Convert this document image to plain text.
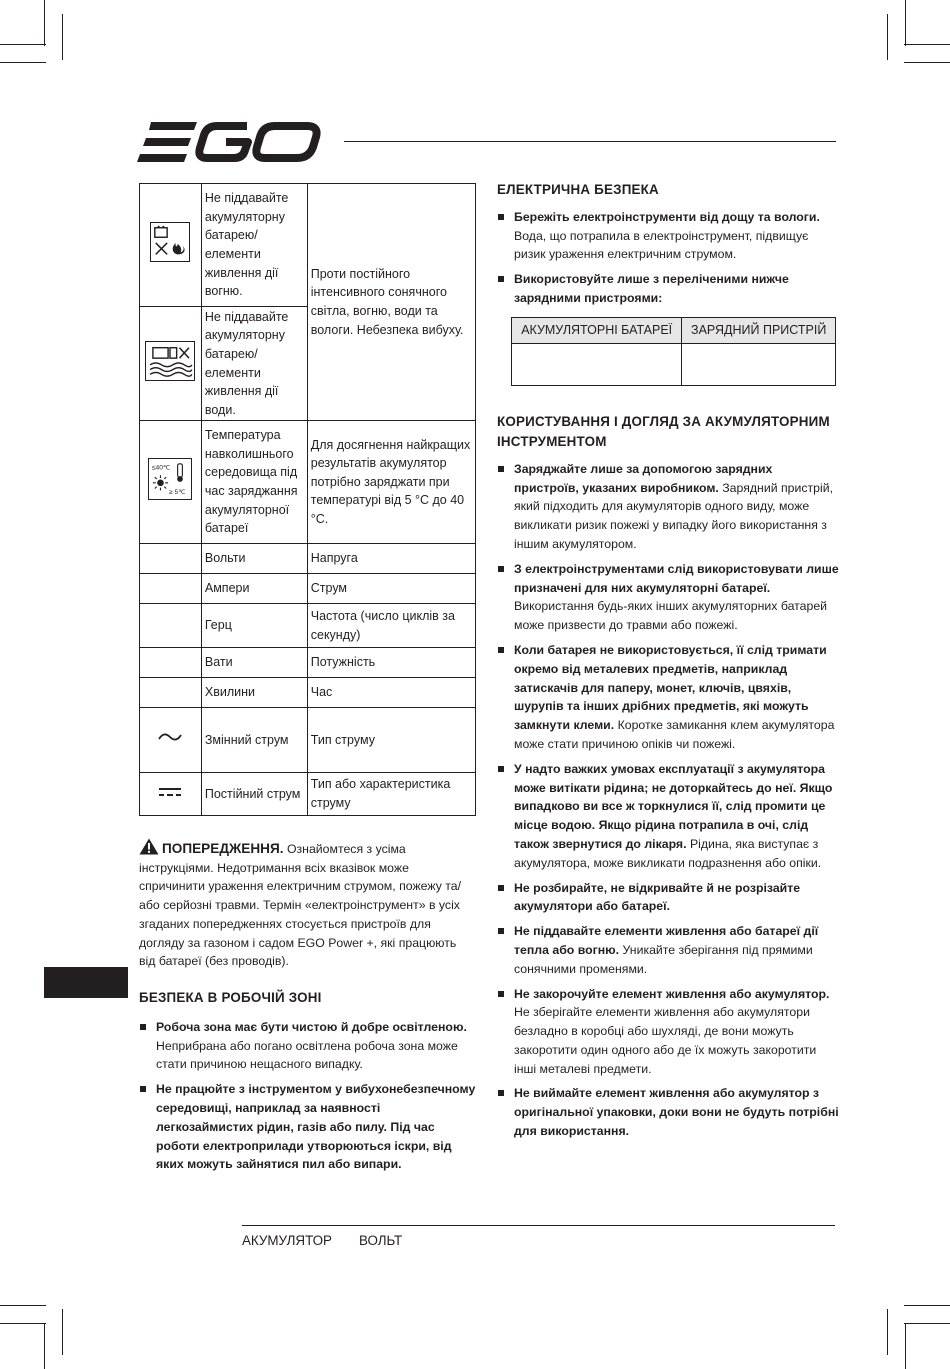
	Не піддавайте акумуляторну батарею/ елементи живлення дії вогню.	Проти постійного інтенсивного сонячного світла, вогню, води та вологи. Небезпека вибуху.
	Не піддавайте акумуляторну батарею/ елементи живлення дії води.	

≤40℃
≥ 5℃	Температура навколишнього середовища під час заряджання акумуляторної батареї	Для досягнення найкращих результатів акумулятор потрібно заряджати при температурі від 5 °C до 40 °C.
	Вольти	Напруга
	Ампери	Струм
	Герц	Частота (число циклів за секунду)
	Вати	Потужність
	Хвилини	Час
	Змінний струм	Тип струму
	Постійний струм	Тип або характеристика струму
ПОПЕРЕДЖЕННЯ. Ознайомтеся з усіма інструкціями. Недотримання всіх вказівок може спричинити ураження електричним струмом, пожежу та/або серйозні травми. Термін «електроінструмент» в усіх згаданих попередженнях стосується пристроїв для догляду за газоном і садом EGO Power +, які працюють від батареї (без проводів).
БЕЗПЕКА В РОБОЧІЙ ЗОНІ
Робоча зона має бути чистою й добре освітленою. Неприбрана або погано освітлена робоча зона може стати причиною нещасного випадку.
Не працюйте з інструментом у вибухонебезпечному середовищі, наприклад за наявності легкозаймистих рідин, газів або пилу. Під час роботи електроприлади утворюються іскри, від яких можуть зайнятися пил або випари.
ЕЛЕКТРИЧНА БЕЗПЕКА
Бережіть електроінструменти від дощу та вологи. Вода, що потрапила в електроінструмент, підвищує ризик ураження електричним струмом.
Використовуйте лише з переліченими нижче зарядними пристроями:
АКУМУЛЯТОРНІ БАТАРЕЇ	ЗАРЯДНИЙ ПРИСТРІЙ

КОРИСТУВАННЯ І ДОГЛЯД ЗА АКУМУЛЯТОРНИМ ІНСТРУМЕНТОМ
Заряджайте лише за допомогою зарядних пристроїв, указаних виробником. Зарядний пристрій, який підходить для акумуляторів одного виду, може викликати ризик пожежі у випадку його використання з іншим акумулятором.
З електроінструментами слід використовувати лише призначені для них акумуляторні батареї. Використання будь-яких інших акумуляторних батарей може призвести до травми або пожежі.
Коли батарея не використовується, її слід тримати окремо від металевих предметів, наприклад затискачів для паперу, монет, ключів, цвяхів, шурупів та інших дрібних предметів, які можуть замкнути клеми. Коротке замикання клем акумулятора може стати причиною опіків чи пожежі.
У надто важких умовах експлуатації з акумулятора може витікати рідина; не доторкайтесь до неї. Якщо випадково ви все ж торкнулися її, слід промити це місце водою. Якщо рідина потрапила в очі, слід також звернутися до лікаря. Рідина, яка виступає з акумулятора, може викликати подразнення або опіки.
Не розбирайте, не відкривайте й не розрізайте акумулятори або батареї.
Не піддавайте елементи живлення або батареї дії тепла або вогню. Уникайте зберігання під прямими сонячними променями.
Не закорочуйте елемент живлення або акумулятор. Не зберігайте елементи живлення або акумулятори безладно в коробці або шухляді, де вони можуть закоротити один одного або де їх можуть закоротити інші металеві предмети.
Не виймайте елемент живлення або акумулятор з оригінальної упаковки, доки вони не будуть потрібні для використання.
АКУМУЛЯТОР ВОЛЬТ
